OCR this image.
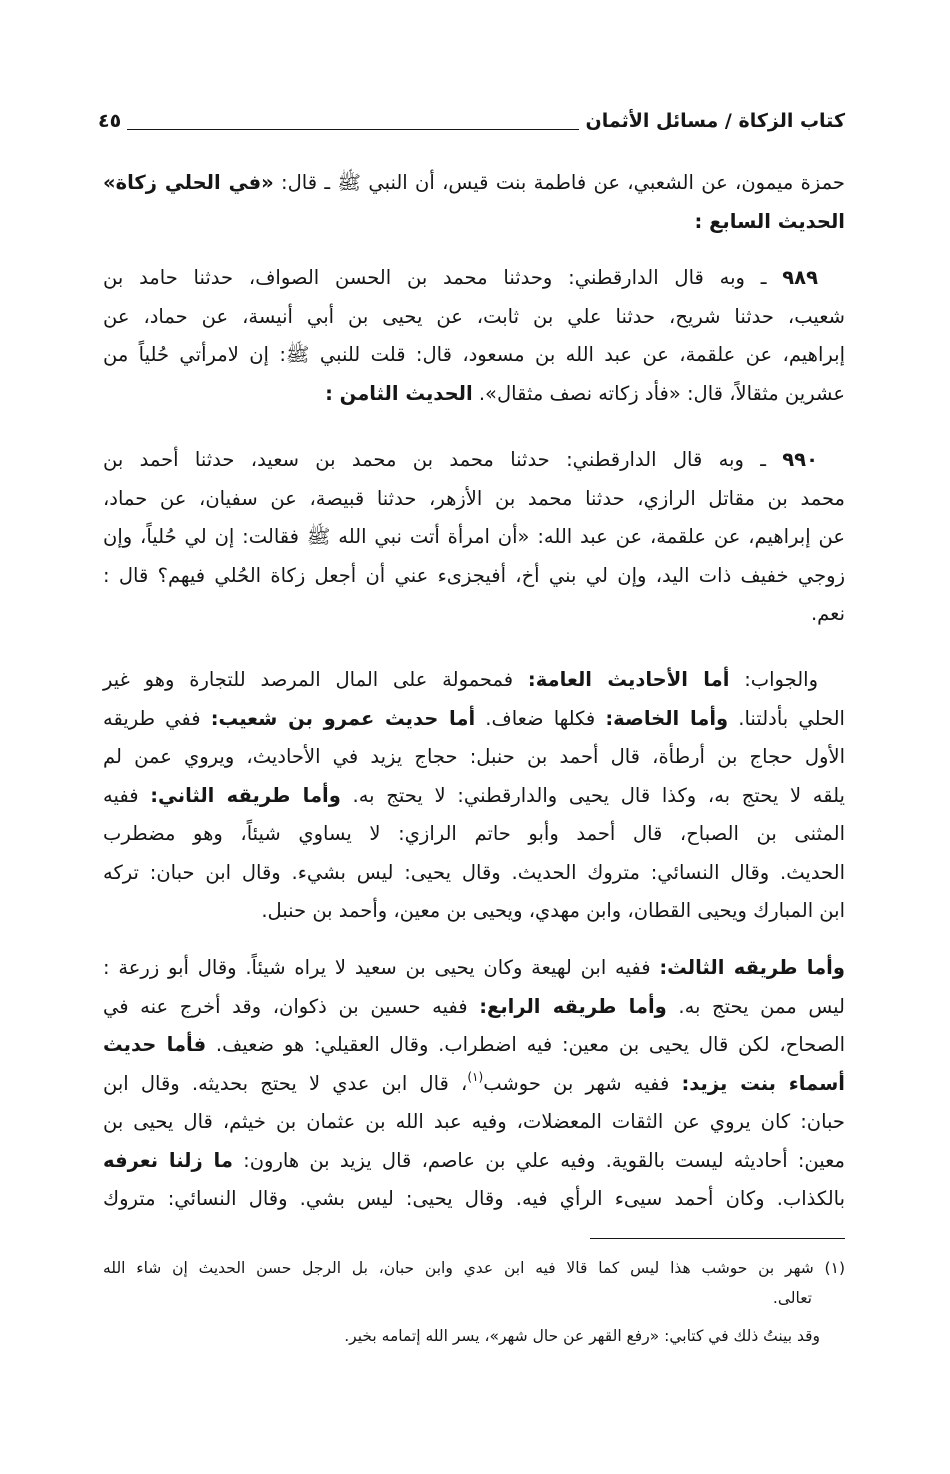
كتاب الزكاة / مسائل الأثمان
٤٥
حمزة ميمون، عن الشعبي، عن فاطمة بنت قيس، أن النبي ﷺ ـ قال: «في الحلي زكاة»
الحديث السابع :
٩٨٩ ـ وبه قال الدارقطني: وحدثنا محمد بن الحسن الصواف، حدثنا حامد بن
شعيب، حدثنا شريح، حدثنا علي بن ثابت، عن يحيى بن أبي أنيسة، عن حماد، عن
إبراهيم، عن علقمة، عن عبد الله بن مسعود، قال: قلت للنبي ﷺ: إن لامرأتي حُلياً من
عشرين مثقالاً، قال: «فأد زكاته نصف مثقال». الحديث الثامن :
٩٩٠ ـ وبه قال الدارقطني: حدثنا محمد بن محمد بن سعيد، حدثنا أحمد بن
محمد بن مقاتل الرازي، حدثنا محمد بن الأزهر، حدثنا قبيصة، عن سفيان، عن حماد،
عن إبراهيم، عن علقمة، عن عبد الله: «أن امرأة أتت نبي الله ﷺ فقالت: إن لي حُلياً، وإن
زوجي خفيف ذات اليد، وإن لي بني أخ، أفيجزىء عني أن أجعل زكاة الحُلي فيهم؟ قال :
نعم.
والجواب: أما الأحاديث العامة: فمحمولة على المال المرصد للتجارة وهو غير
الحلي بأدلتنا. وأما الخاصة: فكلها ضعاف. أما حديث عمرو بن شعيب: ففي طريقه
الأول حجاج بن أرطأة، قال أحمد بن حنبل: حجاج يزيد في الأحاديث، ويروي عمن لم
يلقه لا يحتج به، وكذا قال يحيى والدارقطني: لا يحتج به. وأما طريقه الثاني: ففيه
المثنى بن الصباح، قال أحمد وأبو حاتم الرازي: لا يساوي شيئاً، وهو مضطرب
الحديث. وقال النسائي: متروك الحديث. وقال يحيى: ليس بشيء. وقال ابن حبان: تركه
ابن المبارك ويحيى القطان، وابن مهدي، ويحيى بن معين، وأحمد بن حنبل.
وأما طريقه الثالث: ففيه ابن لهيعة وكان يحيى بن سعيد لا يراه شيئاً. وقال أبو زرعة :
ليس ممن يحتج به. وأما طريقه الرابع: ففيه حسين بن ذكوان، وقد أخرج عنه في
الصحاح، لكن قال يحيى بن معين: فيه اضطراب. وقال العقيلي: هو ضعيف. فأما حديث
أسماء بنت يزيد: ففيه شهر بن حوشب$^{(١)}$، قال ابن عدي لا يحتج بحديثه. وقال ابن
حبان: كان يروي عن الثقات المعضلات، وفيه عبد الله بن عثمان بن خيثم، قال يحيى بن
معين: أحاديثه ليست بالقوية. وفيه علي بن عاصم، قال يزيد بن هارون: ما زلنا نعرفه
بالكذاب. وكان أحمد سيىء الرأي فيه. وقال يحيى: ليس بشي. وقال النسائي: متروك
(١) شهر بن حوشب هذا ليس كما قالا فيه ابن عدي وابن حبان، بل الرجل حسن الحديث إن شاء الله
تعالى.
وقد بينتُ ذلك في كتابي: «رفع القهر عن حال شهر»، يسر الله إتمامه بخير.
